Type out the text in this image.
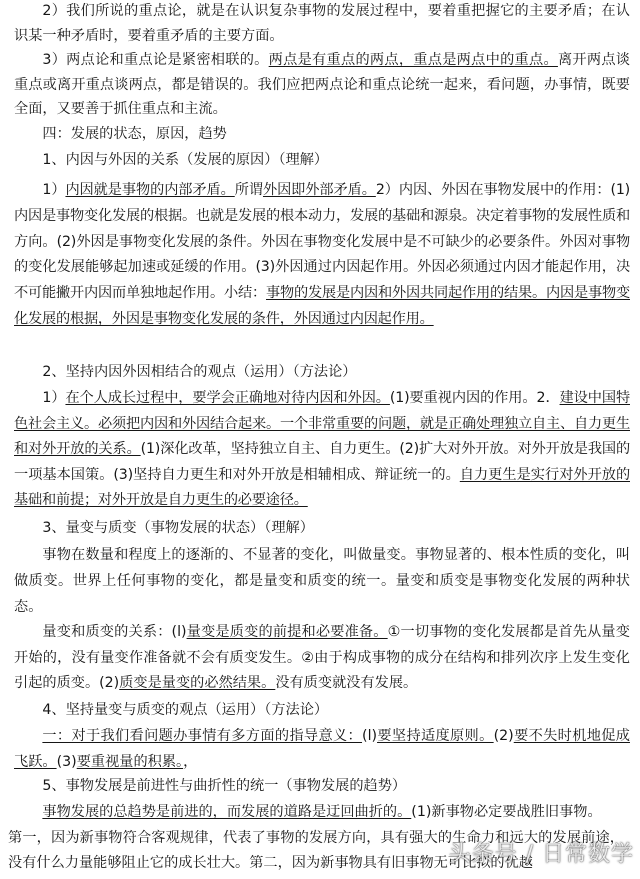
2）我们所说的重点论，就是在认识复杂事物的发展过程中，要着重把握它的主要矛盾；在认识某一种矛盾时，要着重矛盾的主要方面。

3）两点论和重点论是紧密相联的。两点是有重点的两点，重点是两点中的重点。离开两点谈重点或离开重点谈两点，都是错误的。我们应把两点论和重点论统一起来，看问题，办事情，既要全面，又要善于抓住重点和主流。

四：发展的状态，原因，趋势

1、内因与外因的关系（发展的原因）（理解）

1）内因就是事物的内部矛盾。所谓外因即外部矛盾。2）内因、外因在事物发展中的作用：(1)内因是事物变化发展的根据。也就是发展的根本动力，发展的基础和源泉。决定着事物的发展性质和方向。(2)外因是事物变化发展的条件。外因在事物变化发展中是不可缺少的必要条件。外因对事物的变化发展能够起加速或延缓的作用。(3)外因通过内因起作用。外因必须通过内因才能起作用，决不可能撇开内因而单独地起作用。小结：事物的发展是内因和外因共同起作用的结果。内因是事物变化发展的根据，外因是事物变化发展的条件，外因通过内因起作用。

2、坚持内因外因相结合的观点（运用）（方法论）

1）在个人成长过程中，要学会正确地对待内因和外因。(1)要重视内因的作用。2．建设中国特色社会主义。必须把内因和外因结合起来。一个非常重要的问题，就是正确处理独立自主、自力更生和对外开放的关系。(1)深化改革，坚持独立自主、自力更生。(2)扩大对外开放。对外开放是我国的一项基本国策。(3)坚持自力更生和对外开放是相辅相成、辩证统一的。自力更生是实行对外开放的基础和前提；对外开放是自力更生的必要途径。

3、量变与质变（事物发展的状态）（理解）

事物在数量和程度上的逐渐的、不显著的变化，叫做量变。事物显著的、根本性质的变化，叫做质变。世界上任何事物的变化，都是量变和质变的统一。量变和质变是事物变化发展的两种状态。

量变和质变的关系：(l)量变是质变的前提和必要准备。①一切事物的变化发展都是首先从量变开始的，没有量变作准备就不会有质变发生。②由于构成事物的成分在结构和排列次序上发生变化引起的质变。(2)质变是量变的必然结果。没有质变就没有发展。

4、坚持量变与质变的观点（运用）（方法论）

一：对于我们看问题办事情有多方面的指导意义：(l)要坚持适度原则。(2)要不失时机地促成飞跃。(3)要重视量的积累。，

5、事物发展是前进性与曲折性的统一（事物发展的趋势）

事物发展的总趋势是前进的，而发展的道路是迂回曲折的。(1)新事物必定要战胜旧事物。

第一，因为新事物符合客观规律，代表了事物的发展方向，具有强大的生命力和远大的发展前途，没有什么力量能够阻止它的成长壮大。第二，因为新事物具有旧事物无可比拟的优越

头条号 / 日常数学
